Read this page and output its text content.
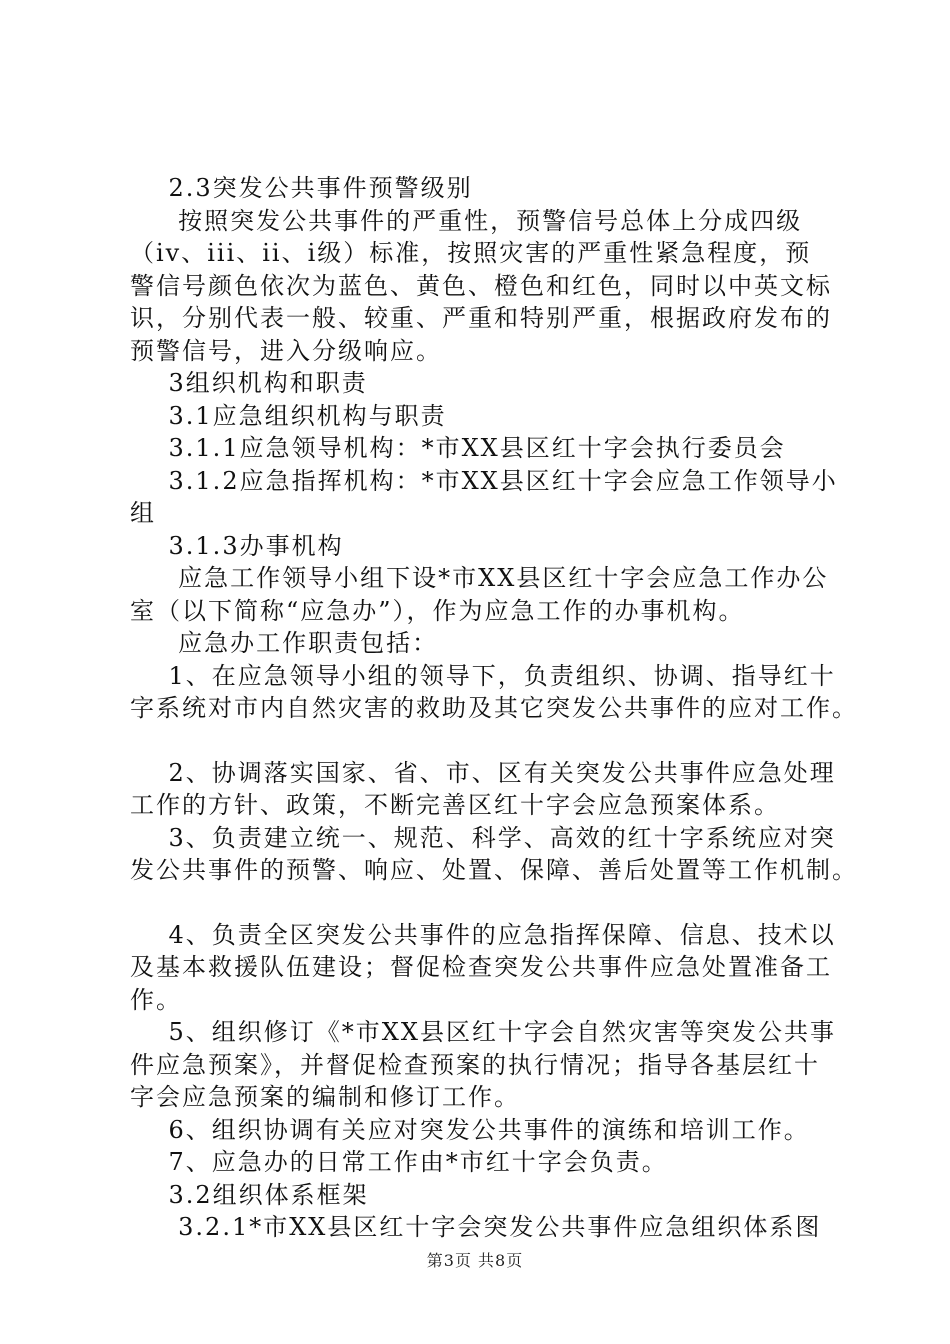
2.3突发公共事件预警级别
按照突发公共事件的严重性，预警信号总体上分成四级
（iv、iii、ii、i级）标准，按照灾害的严重性紧急程度，预
警信号颜色依次为蓝色、黄色、橙色和红色，同时以中英文标
识，分别代表一般、较重、严重和特别严重，根据政府发布的
预警信号，进入分级响应。
3组织机构和职责
3.1应急组织机构与职责
3.1.1应急领导机构：*市XX县区红十字会执行委员会
3.1.2应急指挥机构：*市XX县区红十字会应急工作领导小
组
3.1.3办事机构
应急工作领导小组下设*市XX县区红十字会应急工作办公
室（以下简称“应急办”），作为应急工作的办事机构。
应急办工作职责包括：
1、在应急领导小组的领导下，负责组织、协调、指导红十
字系统对市内自然灾害的救助及其它突发公共事件的应对工作。
2、协调落实国家、省、市、区有关突发公共事件应急处理
工作的方针、政策，不断完善区红十字会应急预案体系。
3、负责建立统一、规范、科学、高效的红十字系统应对突
发公共事件的预警、响应、处置、保障、善后处置等工作机制。
4、负责全区突发公共事件的应急指挥保障、信息、技术以
及基本救援队伍建设；督促检查突发公共事件应急处置准备工
作。
5、组织修订《*市XX县区红十字会自然灾害等突发公共事
件应急预案》，并督促检查预案的执行情况；指导各基层红十
字会应急预案的编制和修订工作。
6、组织协调有关应对突发公共事件的演练和培训工作。
7、应急办的日常工作由*市红十字会负责。
3.2组织体系框架
3.2.1*市XX县区红十字会突发公共事件应急组织体系图
第3页 共8页
